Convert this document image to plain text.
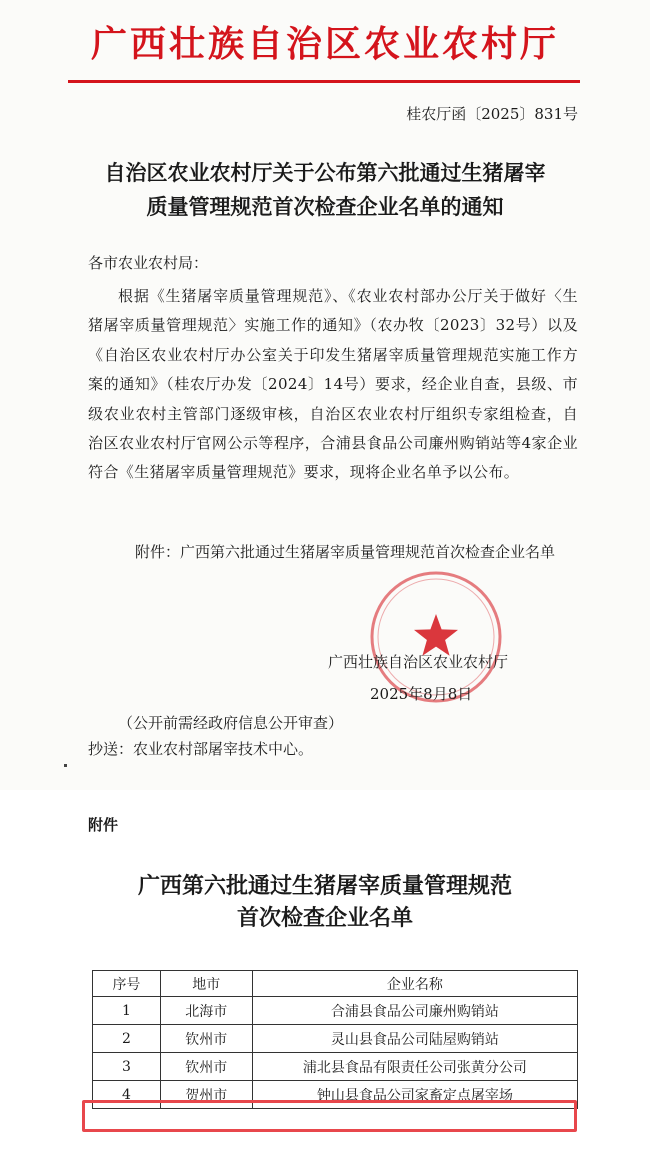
广西壮族自治区农业农村厅
桂农厅函〔2025〕831号
自治区农业农村厅关于公布第六批通过生猪屠宰
质量管理规范首次检查企业名单的通知
各市农业农村局：
根据《生猪屠宰质量管理规范》、《农业农村部办公厅关于做好〈生猪屠宰质量管理规范〉实施工作的通知》（农办牧〔2023〕32号）以及《自治区农业农村厅办公室关于印发生猪屠宰质量管理规范实施工作方案的通知》（桂农厅办发〔2024〕14号）要求，经企业自查，县级、市级农业农村主管部门逐级审核，自治区农业农村厅组织专家组检查，自治区农业农村厅官网公示等程序，合浦县食品公司廉州购销站等4家企业符合《生猪屠宰质量管理规范》要求，现将企业名单予以公布。
附件：广西第六批通过生猪屠宰质量管理规范首次检查企业名单
广西壮族自治区农业农村厅
2025年8月8日
（公开前需经政府信息公开审查）
抄送：农业农村部屠宰技术中心。
附件
广西第六批通过生猪屠宰质量管理规范
首次检查企业名单
序号	地市	企业名称
1	北海市	合浦县食品公司廉州购销站
2	钦州市	灵山县食品公司陆屋购销站
3	钦州市	浦北县食品有限责任公司张黄分公司
4	贺州市	钟山县食品公司家畜定点屠宰场
